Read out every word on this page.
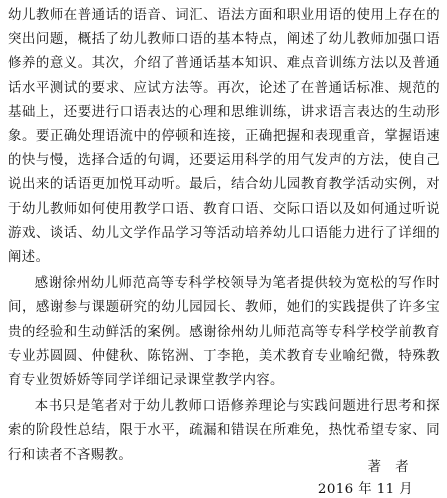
幼儿教师在普通话的语音、词汇、语法方面和职业用语的使用上存在的突出问题，概括了幼儿教师口语的基本特点，阐述了幼儿教师加强口语修养的意义。其次，介绍了普通话基本知识、难点音训练方法以及普通话水平测试的要求、应试方法等。再次，论述了在普通话标准、规范的基础上，还要进行口语表达的心理和思维训练，讲求语言表达的生动形象。要正确处理语流中的停顿和连接，正确把握和表现重音，掌握语速的快与慢，选择合适的句调，还要运用科学的用气发声的方法，使自己说出来的话语更加悦耳动听。最后，结合幼儿园教育教学活动实例，对于幼儿教师如何使用教学口语、教育口语、交际口语以及如何通过听说游戏、谈话、幼儿文学作品学习等活动培养幼儿口语能力进行了详细的阐述。

感谢徐州幼儿师范高等专科学校领导为笔者提供较为宽松的写作时间，感谢参与课题研究的幼儿园园长、教师，她们的实践提供了许多宝贵的经验和生动鲜活的案例。感谢徐州幼儿师范高等专科学校学前教育专业苏圆圆、仲健秋、陈铭洲、丁李艳，美术教育专业喻纪微，特殊教育专业贺娇娇等同学详细记录课堂教学内容。

本书只是笔者对于幼儿教师口语修养理论与实践问题进行思考和探索的阶段性总结，限于水平，疏漏和错误在所难免，热忱希望专家、同行和读者不吝赐教。

著　者
2016 年 11 月
